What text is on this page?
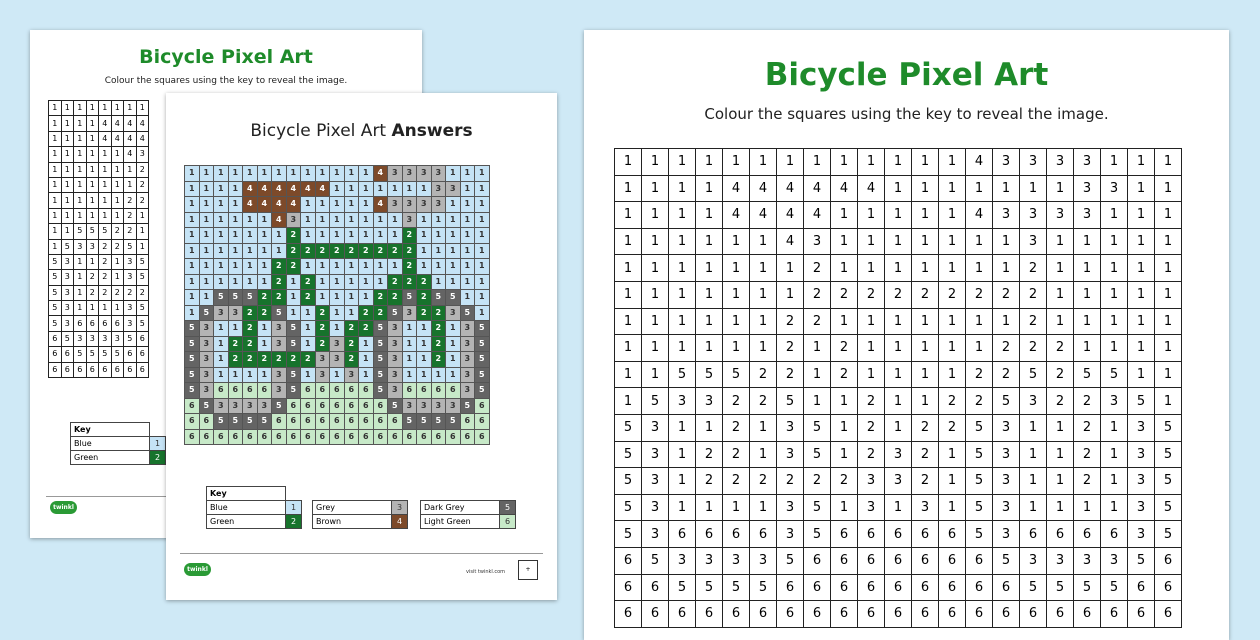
Bicycle Pixel Art
Colour the squares using the key to reveal the image.
1	1	1	1	1	1	1	1
1	1	1	1	4	4	4	4
1	1	1	1	4	4	4	4
1	1	1	1	1	1	4	3
1	1	1	1	1	1	1	2
1	1	1	1	1	1	1	2
1	1	1	1	1	1	2	2
1	1	1	1	1	1	2	1
1	1	5	5	5	2	2	1
1	5	3	3	2	2	5	1
5	3	1	1	2	1	3	5
5	3	1	2	2	1	3	5
5	3	1	2	2	2	2	2
5	3	1	1	1	1	3	5
5	3	6	6	6	6	3	5
6	5	3	3	3	3	5	6
6	6	5	5	5	5	6	6
6	6	6	6	6	6	6	6
Key	
Blue	1
Green	2
twinkl
Bicycle Pixel Art Answers
1	1	1	1	1	1	1	1	1	1	1	1	1	4	3	3	3	3	1	1	1
1	1	1	1	4	4	4	4	4	4	1	1	1	1	1	1	1	3	3	1	1
1	1	1	1	4	4	4	4	1	1	1	1	1	4	3	3	3	3	1	1	1
1	1	1	1	1	1	4	3	1	1	1	1	1	1	1	3	1	1	1	1	1
1	1	1	1	1	1	1	2	1	1	1	1	1	1	1	2	1	1	1	1	1
1	1	1	1	1	1	1	2	2	2	2	2	2	2	2	2	1	1	1	1	1
1	1	1	1	1	1	2	2	1	1	1	1	1	1	1	2	1	1	1	1	1
1	1	1	1	1	1	2	1	2	1	1	1	1	1	2	2	2	1	1	1	1
1	1	5	5	5	2	2	1	2	1	1	1	1	2	2	5	2	5	5	1	1
1	5	3	3	2	2	5	1	1	2	1	1	2	2	5	3	2	2	3	5	1
5	3	1	1	2	1	3	5	1	2	1	2	2	5	3	1	1	2	1	3	5
5	3	1	2	2	1	3	5	1	2	3	2	1	5	3	1	1	2	1	3	5
5	3	1	2	2	2	2	2	2	3	3	2	1	5	3	1	1	2	1	3	5
5	3	1	1	1	1	3	5	1	3	1	3	1	5	3	1	1	1	1	3	5
5	3	6	6	6	6	3	5	6	6	6	6	6	5	3	6	6	6	6	3	5
6	5	3	3	3	3	5	6	6	6	6	6	6	6	5	3	3	3	3	5	6
6	6	5	5	5	5	6	6	6	6	6	6	6	6	6	5	5	5	5	6	6
6	6	6	6	6	6	6	6	6	6	6	6	6	6	6	6	6	6	6	6	6
Key	
Blue	1
Green	2
Grey	3
Brown	4
Dark Grey	5
Light Green	6
twinkl	visit twinkl.com	+
Bicycle Pixel Art
Colour the squares using the key to reveal the image.
1	1	1	1	1	1	1	1	1	1	1	1	1	4	3	3	3	3	1	1	1
1	1	1	1	4	4	4	4	4	4	1	1	1	1	1	1	1	3	3	1	1
1	1	1	1	4	4	4	4	1	1	1	1	1	4	3	3	3	3	1	1	1
1	1	1	1	1	1	4	3	1	1	1	1	1	1	1	3	1	1	1	1	1
1	1	1	1	1	1	1	2	1	1	1	1	1	1	1	2	1	1	1	1	1
1	1	1	1	1	1	1	2	2	2	2	2	2	2	2	2	1	1	1	1	1
1	1	1	1	1	1	2	2	1	1	1	1	1	1	1	2	1	1	1	1	1
1	1	1	1	1	1	2	1	2	1	1	1	1	1	2	2	2	1	1	1	1
1	1	5	5	5	2	2	1	2	1	1	1	1	2	2	5	2	5	5	1	1
1	5	3	3	2	2	5	1	1	2	1	1	2	2	5	3	2	2	3	5	1
5	3	1	1	2	1	3	5	1	2	1	2	2	5	3	1	1	2	1	3	5
5	3	1	2	2	1	3	5	1	2	3	2	1	5	3	1	1	2	1	3	5
5	3	1	2	2	2	2	2	2	3	3	2	1	5	3	1	1	2	1	3	5
5	3	1	1	1	1	3	5	1	3	1	3	1	5	3	1	1	1	1	3	5
5	3	6	6	6	6	3	5	6	6	6	6	6	5	3	6	6	6	6	3	5
6	5	3	3	3	3	5	6	6	6	6	6	6	6	5	3	3	3	3	5	6
6	6	5	5	5	5	6	6	6	6	6	6	6	6	6	5	5	5	5	6	6
6	6	6	6	6	6	6	6	6	6	6	6	6	6	6	6	6	6	6	6	6
